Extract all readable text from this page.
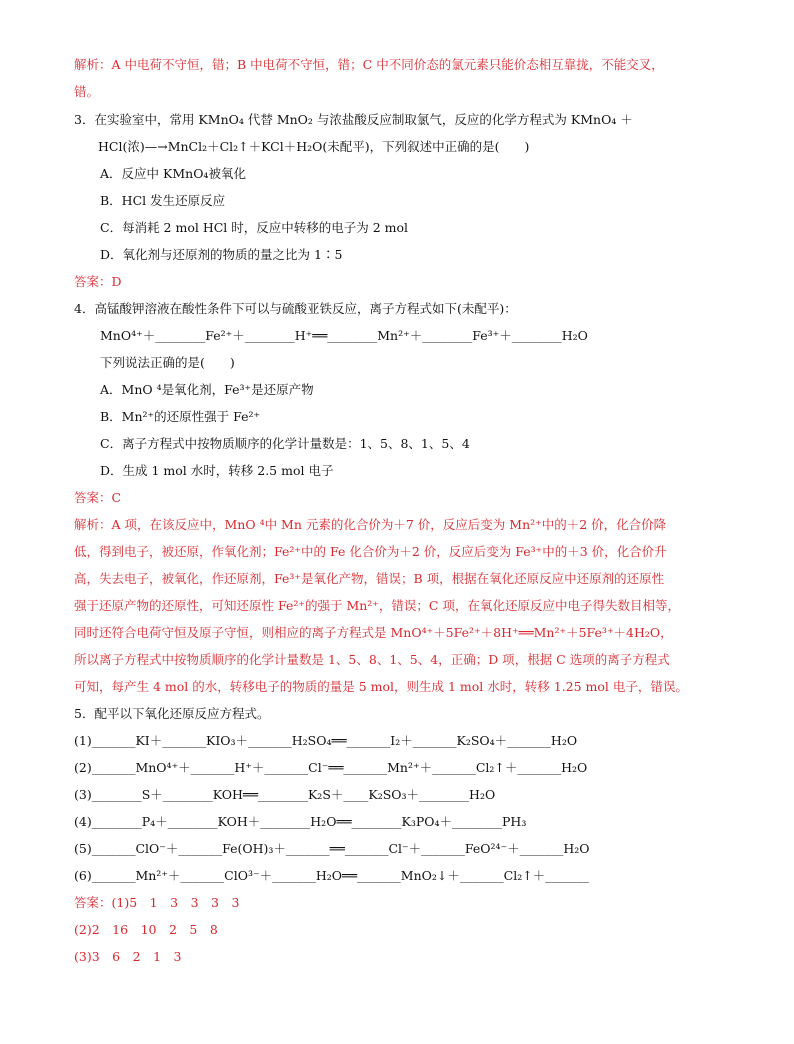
解析：A 中电荷不守恒，错；B 中电荷不守恒，错；C 中不同价态的氯元素只能价态相互靠拢，不能交叉，
错。
3．在实验室中，常用 KMnO₄ 代替 MnO₂ 与浓盐酸反应制取氯气，反应的化学方程式为 KMnO₄ ＋
HCl(浓)—→MnCl₂＋Cl₂↑＋KCl＋H₂O(未配平)，下列叙述中正确的是(　　)
A．反应中 KMnO₄被氧化
B．HCl 发生还原反应
C．每消耗 2 mol HCl 时，反应中转移的电子为 2 mol
D．氧化剂与还原剂的物质的量之比为 1∶5
答案：D
4．高锰酸钾溶液在酸性条件下可以与硫酸亚铁反应，离子方程式如下(未配平)：
MnO⁴⁺＋________Fe²⁺＋________H⁺══________Mn²⁺＋________Fe³⁺＋________H₂O
下列说法正确的是(　　)
A．MnO ⁴是氧化剂，Fe³⁺是还原产物
B．Mn²⁺的还原性强于 Fe²⁺
C．离子方程式中按物质顺序的化学计量数是：1、5、8、1、5、4
D．生成 1 mol 水时，转移 2.5 mol 电子
答案：C
解析：A 项，在该反应中，MnO ⁴中 Mn 元素的化合价为＋7 价，反应后变为 Mn²⁺中的＋2 价，化合价降
低，得到电子，被还原，作氧化剂；Fe²⁺中的 Fe 化合价为＋2 价，反应后变为 Fe³⁺中的＋3 价，化合价升
高，失去电子，被氧化，作还原剂，Fe³⁺是氧化产物，错误；B 项，根据在氧化还原反应中还原剂的还原性
强于还原产物的还原性，可知还原性 Fe²⁺的强于 Mn²⁺，错误；C 项，在氧化还原反应中电子得失数目相等，
同时还符合电荷守恒及原子守恒，则相应的离子方程式是 MnO⁴⁺＋5Fe²⁺＋8H⁺══Mn²⁺＋5Fe³⁺＋4H₂O，
所以离子方程式中按物质顺序的化学计量数是 1、5、8、1、5、4，正确；D 项，根据 C 选项的离子方程式
可知，每产生 4 mol 的水，转移电子的物质的量是 5 mol，则生成 1 mol 水时，转移 1.25 mol 电子，错误。
5．配平以下氧化还原反应方程式。
(1)_______KI＋_______KIO₃＋_______H₂SO₄══_______I₂＋_______K₂SO₄＋_______H₂O
(2)_______MnO⁴⁺＋_______H⁺＋_______Cl⁻══_______Mn²⁺＋_______Cl₂↑＋_______H₂O
(3)________S＋________KOH══________K₂S＋____K₂SO₃＋________H₂O
(4)________P₄＋________KOH＋________H₂O══________K₃PO₄＋________PH₃
(5)_______ClO⁻＋_______Fe(OH)₃＋_______══_______Cl⁻＋_______FeO²⁴⁻＋_______H₂O
(6)_______Mn²⁺＋_______ClO³⁻＋_______H₂O══_______MnO₂↓＋_______Cl₂↑＋_______
答案：(1)5　1　3　3　3　3
(2)2　16　10　2　5　8
(3)3　6　2　1　3
